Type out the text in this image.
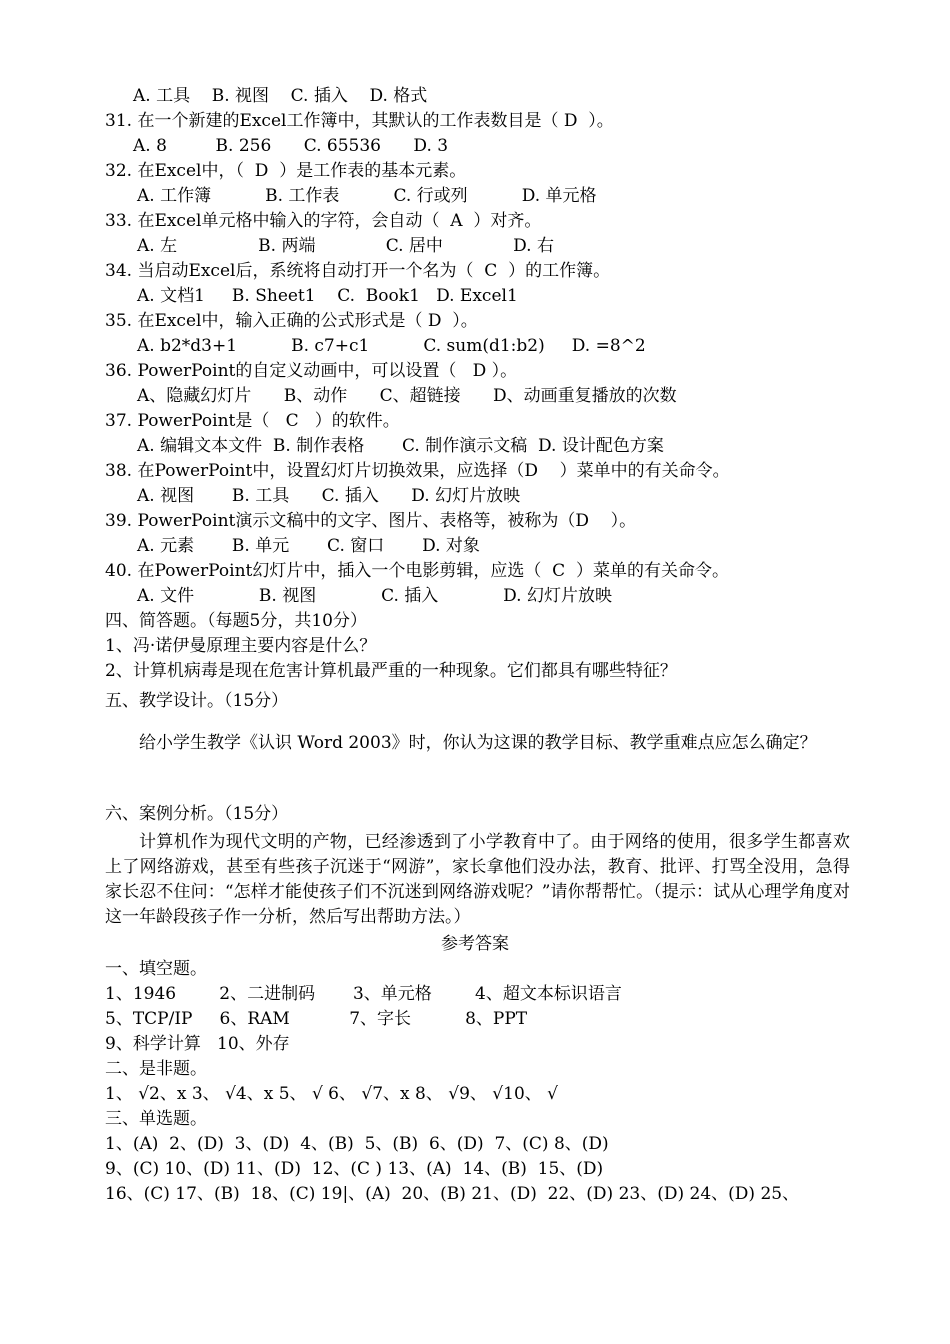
A. 工具    B. 视图    C. 插入    D. 格式
31. 在一个新建的Excel工作簿中，其默认的工作表数目是（ D  ）。
A. 8         B. 256      C. 65536      D. 3
32. 在Excel中，（  D  ）是工作表的基本元素。
A. 工作簿          B. 工作表          C. 行或列          D. 单元格
33. 在Excel单元格中输入的字符，会自动（  A  ）对齐。
A. 左               B. 两端             C. 居中             D. 右
34. 当启动Excel后，系统将自动打开一个名为（  C  ）的工作簿。
A. 文档1     B. Sheet1    C.  Book1   D. Excel1
35. 在Excel中，输入正确的公式形式是（ D  ）。
A. b2*d3+1          B. c7+c1          C. sum(d1:b2)     D. =8^2
36. PowerPoint的自定义动画中，可以设置（   D ）。
A、隐藏幻灯片      B、动作      C、超链接      D、动画重复播放的次数
37. PowerPoint是（   C   ）的软件。
A. 编辑文本文件  B. 制作表格       C. 制作演示文稿  D. 设计配色方案
38. 在PowerPoint中，设置幻灯片切换效果，应选择（D    ）菜单中的有关命令。
A. 视图       B. 工具      C. 插入      D. 幻灯片放映
39. PowerPoint演示文稿中的文字、图片、表格等，被称为（D    ）。
A. 元素       B. 单元       C. 窗口       D. 对象
40. 在PowerPoint幻灯片中，插入一个电影剪辑，应选（  C  ）菜单的有关命令。
A. 文件            B. 视图            C. 插入            D. 幻灯片放映
四、简答题。（每题5分，共10分）
1、冯·诺伊曼原理主要内容是什么？
2、计算机病毒是现在危害计算机最严重的一种现象。它们都具有哪些特征？
五、教学设计。（15分）
给小学生教学《认识 Word 2003》时，你认为这课的教学目标、教学重难点应怎么确定？
六、案例分析。（15分）
计算机作为现代文明的产物，已经渗透到了小学教育中了。由于网络的使用，很多学生都喜欢上了网络游戏，甚至有些孩子沉迷于“网游”，家长拿他们没办法，教育、批评、打骂全没用，急得家长忍不住问：“怎样才能使孩子们不沉迷到网络游戏呢？”请你帮帮忙。（提示：试从心理学角度对这一年龄段孩子作一分析，然后写出帮助方法。）
参考答案
一、填空题。
1、1946        2、二进制码       3、单元格        4、超文本标识语言
5、TCP/IP     6、RAM           7、字长          8、PPT
9、科学计算   10、外存
二、是非题。
1、 √2、x 3、 √4、x 5、 √ 6、 √7、x 8、 √9、 √10、 √
三、单选题。
1、(A)  2、(D)  3、(D)  4、(B)  5、(B)  6、(D)  7、(C) 8、(D)
9、(C) 10、(D) 11、(D)  12、(C ) 13、(A)  14、(B)  15、(D)
16、(C) 17、(B)  18、(C) 19|、(A)  20、(B) 21、(D)  22、(D) 23、(D) 24、(D) 25、
